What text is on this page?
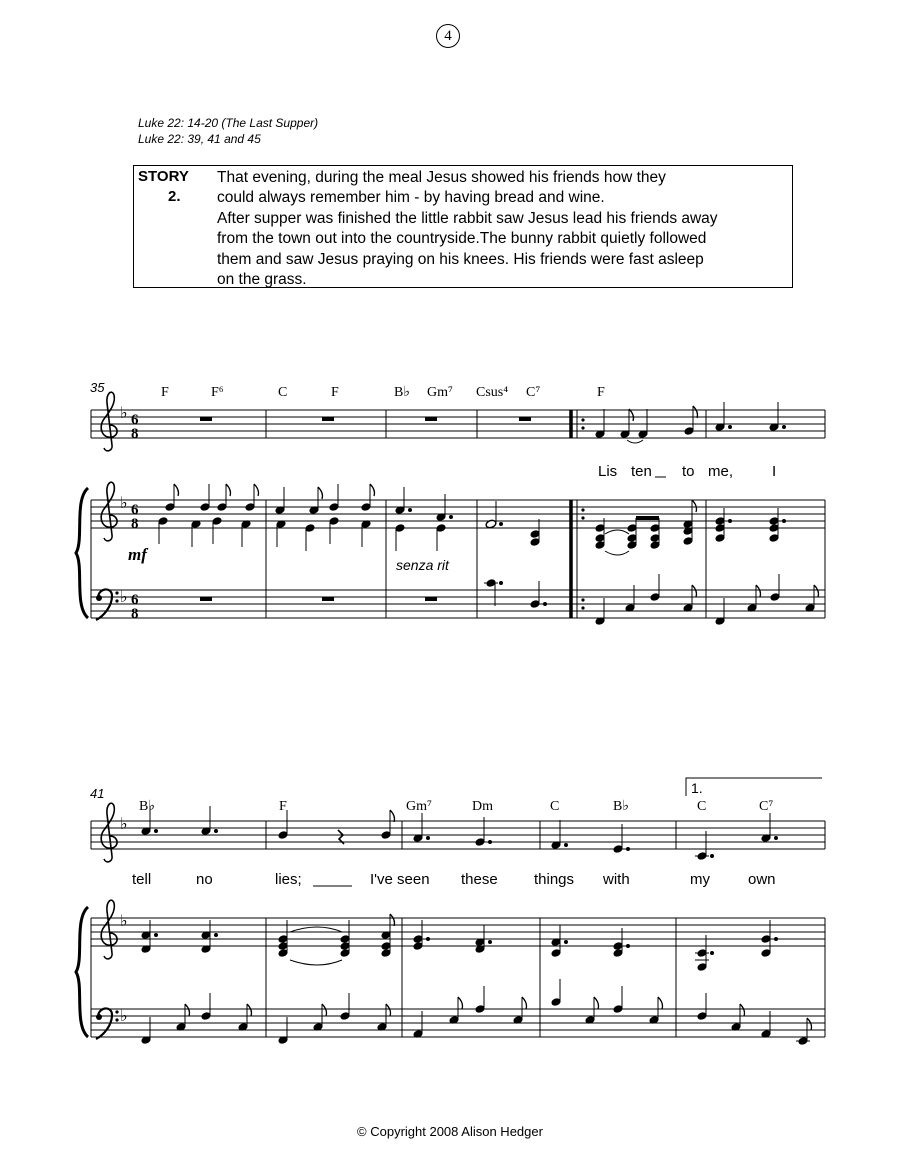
4
Luke 22: 14-20 (The Last Supper)
Luke 22: 39, 41 and 45
STORY
2.
That evening, during the meal Jesus showed his friends how they
could always remember him - by having bread and wine.
After supper was finished the little rabbit saw Jesus lead his friends away
from the town out into the countryside.The bunny rabbit quietly followed
them and saw Jesus praying on his knees. His friends were fast asleep
on the grass.
35	F	F⁶	C	F	B♭ Gm⁷ Csus⁴ C⁷	F
♭ 6
8
Lis ten to me,	I
♭ 6
8
mf
senza rit
♭ 6
8
41
B♭	F	Gm⁷	Dm	C	B♭	C	C⁷
1.
♭
tell	no	lies;	I've seen these things with	my	own
♭
♭
© Copyright 2008 Alison Hedger
